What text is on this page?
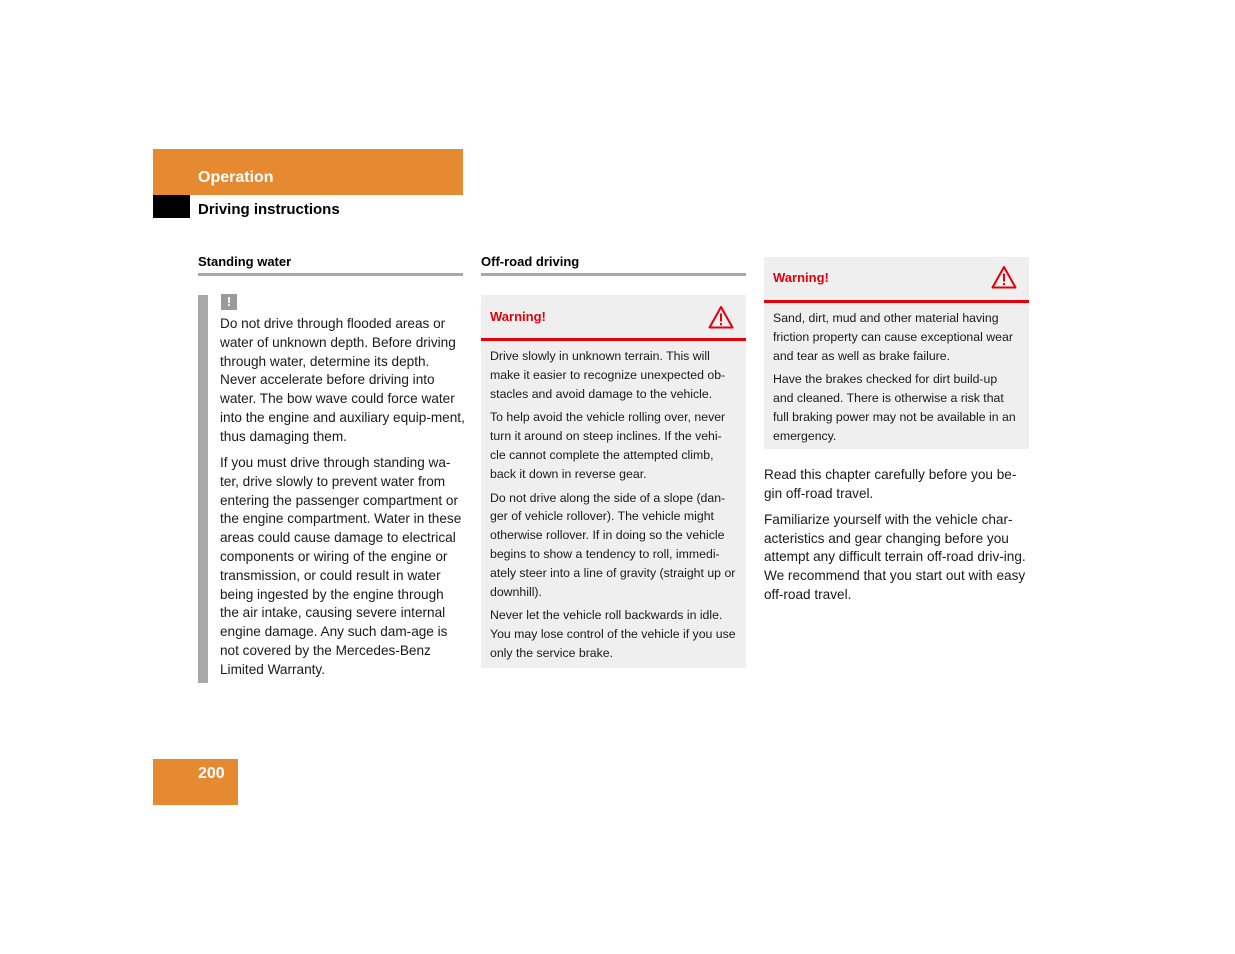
Operation
Driving instructions
Standing water
!

Do not drive through flooded areas or water of unknown depth. Before driving through water, determine its depth. Never accelerate before driving into water. The bow wave could force water into the engine and auxiliary equip-ment, thus damaging them.

If you must drive through standing wa-ter, drive slowly to prevent water from entering the passenger compartment or the engine compartment. Water in these areas could cause damage to electrical components or wiring of the engine or transmission, or could result in water being ingested by the engine through the air intake, causing severe internal engine damage. Any such dam-age is not covered by the Mercedes-Benz Limited Warranty.

Off-road driving
Warning!

Drive slowly in unknown terrain. This will make it easier to recognize unexpected ob-stacles and avoid damage to the vehicle.

To help avoid the vehicle rolling over, never turn it around on steep inclines. If the vehi-cle cannot complete the attempted climb, back it down in reverse gear.

Do not drive along the side of a slope (dan-ger of vehicle rollover). The vehicle might otherwise rollover. If in doing so the vehicle begins to show a tendency to roll, immedi-ately steer into a line of gravity (straight up or downhill).

Never let the vehicle roll backwards in idle. You may lose control of the vehicle if you use only the service brake.

Warning!

Sand, dirt, mud and other material having friction property can cause exceptional wear and tear as well as brake failure.

Have the brakes checked for dirt build-up and cleaned. There is otherwise a risk that full braking power may not be available in an emergency.

Read this chapter carefully before you be-gin off-road travel.

Familiarize yourself with the vehicle char-acteristics and gear changing before you attempt any difficult terrain off-road driv-ing. We recommend that you start out with easy off-road travel.

200
